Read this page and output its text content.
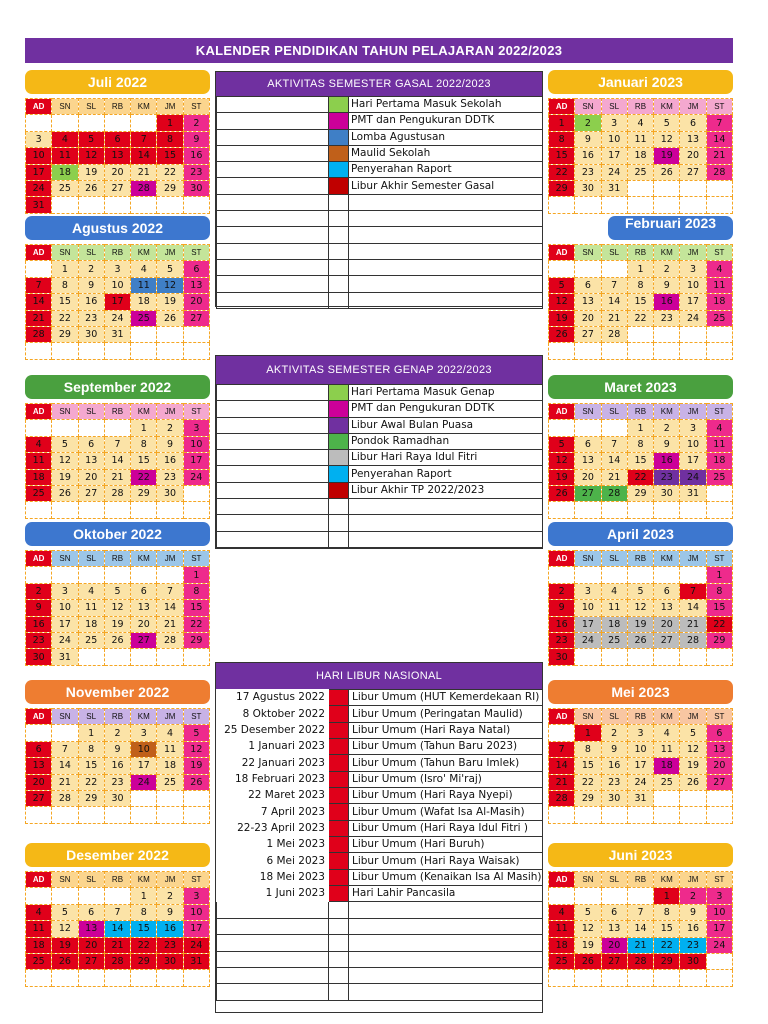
KALENDER PENDIDIKAN TAHUN PELAJARAN 2022/2023
Juli 2022
AD	SN	SL	RB	KM	JM	ST
					1	2
3	4	5	6	7	8	9
10	11	12	13	14	15	16
17	18	19	20	21	22	23
24	25	26	27	28	29	30
31						
Agustus 2022
AD	SN	SL	RB	KM	JM	ST
	1	2	3	4	5	6
7	8	9	10	11	12	13
14	15	16	17	18	19	20
21	22	23	24	25	26	27
28	29	30	31			

September 2022
AD	SN	SL	RB	KM	JM	ST
				1	2	3
4	5	6	7	8	9	10
11	12	13	14	15	16	17
18	19	20	21	22	23	24
25	26	27	28	29	30	

Oktober 2022
AD	SN	SL	RB	KM	JM	ST
						1
2	3	4	5	6	7	8
9	10	11	12	13	14	15
16	17	18	19	20	21	22
23	24	25	26	27	28	29
30	31					
November 2022
AD	SN	SL	RB	KM	JM	ST
		1	2	3	4	5
6	7	8	9	10	11	12
13	14	15	16	17	18	19
20	21	22	23	24	25	26
27	28	29	30			

Desember 2022
AD	SN	SL	RB	KM	JM	ST
				1	2	3
4	5	6	7	8	9	10
11	12	13	14	15	16	17
18	19	20	21	22	23	24
25	26	27	28	29	30	31

Januari 2023
AD	SN	SL	RB	KM	JM	ST
1	2	3	4	5	6	7
8	9	10	11	12	13	14
15	16	17	18	19	20	21
22	23	24	25	26	27	28
29	30	31				

Februari 2023
AD	SN	SL	RB	KM	JM	ST
			1	2	3	4
5	6	7	8	9	10	11
12	13	14	15	16	17	18
19	20	21	22	23	24	25
26	27	28				

Maret 2023
AD	SN	SL	RB	KM	JM	ST
			1	2	3	4
5	6	7	8	9	10	11
12	13	14	15	16	17	18
19	20	21	22	23	24	25
26	27	28	29	30	31	

April 2023
AD	SN	SL	RB	KM	JM	ST
						1
2	3	4	5	6	7	8
9	10	11	12	13	14	15
16	17	18	19	20	21	22
23	24	25	26	27	28	29
30						
Mei 2023
AD	SN	SL	RB	KM	JM	ST
	1	2	3	4	5	6
7	8	9	10	11	12	13
14	15	16	17	18	19	20
21	22	23	24	25	26	27
28	29	30	31			

Juni 2023
AD	SN	SL	RB	KM	JM	ST
				1	2	3
4	5	6	7	8	9	10
11	12	13	14	15	16	17
18	19	20	21	22	23	24
25	26	27	28	29	30	

AKTIVITAS SEMESTER GASAL 2022/2023
		Hari Pertama Masuk Sekolah
		PMT dan Pengukuran DDTK
		Lomba Agustusan
		Maulid Sekolah
		Penyerahan Raport
		Libur Akhir Semester Gasal

AKTIVITAS SEMESTER GENAP 2022/2023
		Hari Pertama Masuk Genap
		PMT dan Pengukuran DDTK
		Libur Awal Bulan Puasa
		Pondok Ramadhan
		Libur Hari Raya Idul Fitri
		Penyerahan Raport
		Libur Akhir TP 2022/2023

HARI LIBUR NASIONAL
17 Agustus 2022		Libur Umum (HUT Kemerdekaan RI)
8 Oktober 2022		Libur Umum (Peringatan Maulid)
25 Desember 2022		Libur Umum (Hari Raya Natal)
1 Januari 2023		Libur Umum (Tahun Baru 2023)
22 Januari 2023		Libur Umum (Tahun Baru Imlek)
18 Februari 2023		Libur Umum (Isro' Mi'raj)
22 Maret 2023		Libur Umum (Hari Raya Nyepi)
7 April 2023		Libur Umum (Wafat Isa Al-Masih)
22-23 April 2023		Libur Umum (Hari Raya Idul Fitri )
1 Mei 2023		Libur Umum (Hari Buruh)
6 Mei 2023		Libur Umum (Hari Raya Waisak)
18 Mei 2023		Libur Umum (Kenaikan Isa Al Masih)
1 Juni 2023		Hari Lahir Pancasila
